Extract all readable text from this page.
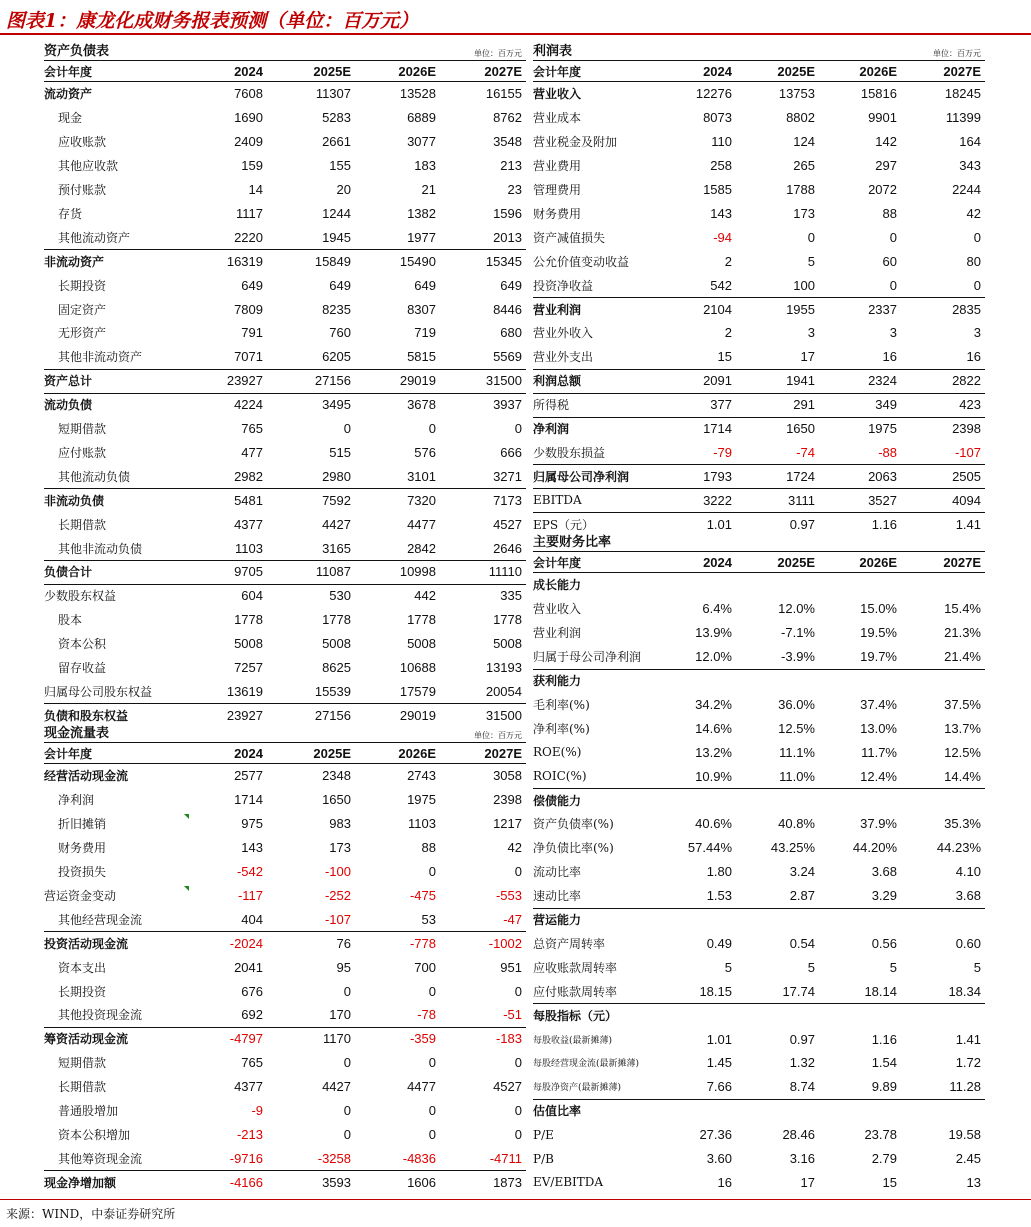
图表1：康龙化成财务报表预测（单位：百万元）
资产负债表	单位：百万元
会计年度	2024	2025E	2026E	2027E
流动资产	7608	11307	13528	16155
现金	1690	5283	6889	8762
应收账款	2409	2661	3077	3548
其他应收款	159	155	183	213
预付账款	14	20	21	23
存货	1117	1244	1382	1596
其他流动资产	2220	1945	1977	2013
非流动资产	16319	15849	15490	15345
长期投资	649	649	649	649
固定资产	7809	8235	8307	8446
无形资产	791	760	719	680
其他非流动资产	7071	6205	5815	5569
资产总计	23927	27156	29019	31500
流动负债	4224	3495	3678	3937
短期借款	765	0	0	0
应付账款	477	515	576	666
其他流动负债	2982	2980	3101	3271
非流动负债	5481	7592	7320	7173
长期借款	4377	4427	4477	4527
其他非流动负债	1103	3165	2842	2646
负债合计	9705	11087	10998	11110
少数股东权益	604	530	442	335
股本	1778	1778	1778	1778
资本公积	5008	5008	5008	5008
留存收益	7257	8625	10688	13193
归属母公司股东权益	13619	15539	17579	20054
负债和股东权益	23927	27156	29019	31500
利润表	单位：百万元
会计年度	2024	2025E	2026E	2027E
营业收入	12276	13753	15816	18245
营业成本	8073	8802	9901	11399
营业税金及附加	110	124	142	164
营业费用	258	265	297	343
管理费用	1585	1788	2072	2244
财务费用	143	173	88	42
资产减值损失	-94	0	0	0
公允价值变动收益	2	5	60	80
投资净收益	542	100	0	0
营业利润	2104	1955	2337	2835
营业外收入	2	3	3	3
营业外支出	15	17	16	16
利润总额	2091	1941	2324	2822
所得税	377	291	349	423
净利润	1714	1650	1975	2398
少数股东损益	-79	-74	-88	-107
归属母公司净利润	1793	1724	2063	2505
EBITDA	3222	3111	3527	4094
EPS（元）	1.01	0.97	1.16	1.41
主要财务比率
会计年度	2024	2025E	2026E	2027E
成长能力
营业收入	6.4%	12.0%	15.0%	15.4%
营业利润	13.9%	-7.1%	19.5%	21.3%
归属于母公司净利润	12.0%	-3.9%	19.7%	21.4%
获利能力
毛利率(%)	34.2%	36.0%	37.4%	37.5%
净利率(%)	14.6%	12.5%	13.0%	13.7%
ROE(%)	13.2%	11.1%	11.7%	12.5%
ROIC(%)	10.9%	11.0%	12.4%	14.4%
偿债能力
资产负债率(%)	40.6%	40.8%	37.9%	35.3%
净负债比率(%)	57.44%	43.25%	44.20%	44.23%
流动比率	1.80	3.24	3.68	4.10
速动比率	1.53	2.87	3.29	3.68
营运能力
总资产周转率	0.49	0.54	0.56	0.60
应收账款周转率	5	5	5	5
应付账款周转率	18.15	17.74	18.14	18.34
每股指标（元）
每股收益(最新摊薄)	1.01	0.97	1.16	1.41
每股经营现金流(最新摊薄)	1.45	1.32	1.54	1.72
每股净资产(最新摊薄)	7.66	8.74	9.89	11.28
估值比率
P/E	27.36	28.46	23.78	19.58
P/B	3.60	3.16	2.79	2.45
EV/EBITDA	16	17	15	13
现金流量表	单位：百万元
会计年度	2024	2025E	2026E	2027E
经营活动现金流	2577	2348	2743	3058
净利润	1714	1650	1975	2398
折旧摊销	975	983	1103	1217
财务费用	143	173	88	42
投资损失	-542	-100	0	0
营运资金变动	-117	-252	-475	-553
其他经营现金流	404	-107	53	-47
投资活动现金流	-2024	76	-778	-1002
资本支出	2041	95	700	951
长期投资	676	0	0	0
其他投资现金流	692	170	-78	-51
筹资活动现金流	-4797	1170	-359	-183
短期借款	765	0	0	0
长期借款	4377	4427	4477	4527
普通股增加	-9	0	0	0
资本公积增加	-213	0	0	0
其他筹资现金流	-9716	-3258	-4836	-4711
现金净增加额	-4166	3593	1606	1873
来源：WIND，中泰证券研究所
